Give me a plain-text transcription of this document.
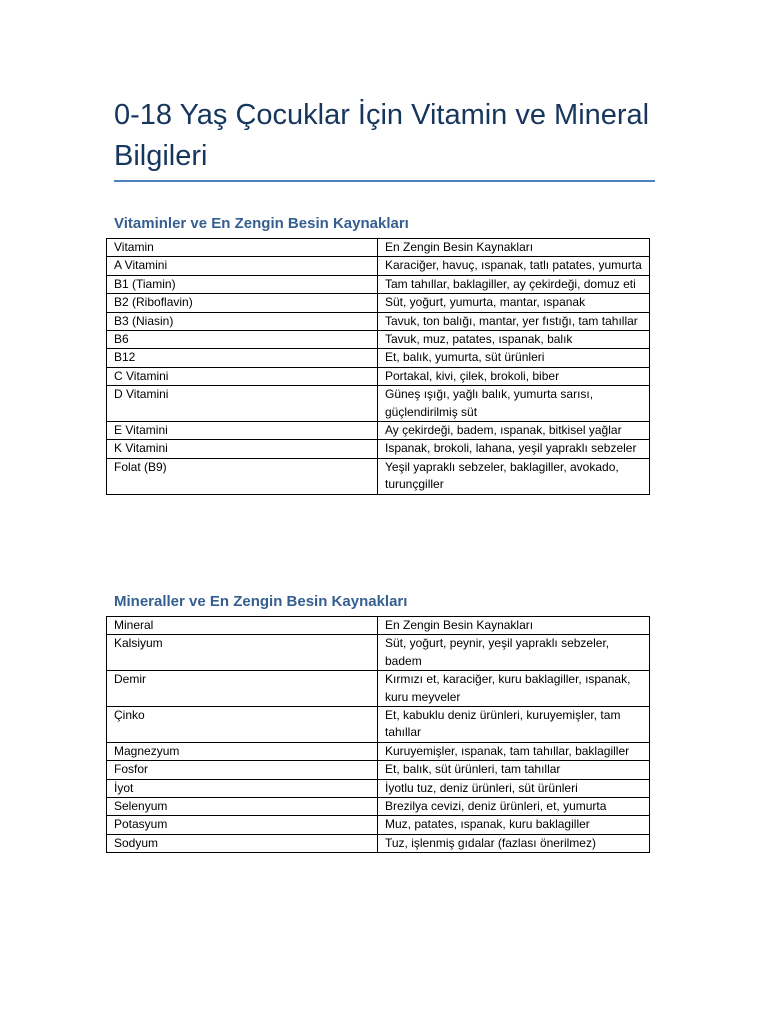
0-18 Yaş Çocuklar İçin Vitamin ve Mineral Bilgileri
Vitaminler ve En Zengin Besin Kaynakları
Vitamin	En Zengin Besin Kaynakları
A Vitamini	Karaciğer, havuç, ıspanak, tatlı patates, yumurta
B1 (Tiamin)	Tam tahıllar, baklagiller, ay çekirdeği, domuz eti
B2 (Riboflavin)	Süt, yoğurt, yumurta, mantar, ıspanak
B3 (Niasin)	Tavuk, ton balığı, mantar, yer fıstığı, tam tahıllar
B6	Tavuk, muz, patates, ıspanak, balık
B12	Et, balık, yumurta, süt ürünleri
C Vitamini	Portakal, kivi, çilek, brokoli, biber
D Vitamini	Güneş ışığı, yağlı balık, yumurta sarısı, güçlendirilmiş süt
E Vitamini	Ay çekirdeği, badem, ıspanak, bitkisel yağlar
K Vitamini	Ispanak, brokoli, lahana, yeşil yapraklı sebzeler
Folat (B9)	Yeşil yapraklı sebzeler, baklagiller, avokado, turunçgiller
Mineraller ve En Zengin Besin Kaynakları
Mineral	En Zengin Besin Kaynakları
Kalsiyum	Süt, yoğurt, peynir, yeşil yapraklı sebzeler, badem
Demir	Kırmızı et, karaciğer, kuru baklagiller, ıspanak, kuru meyveler
Çinko	Et, kabuklu deniz ürünleri, kuruyemişler, tam tahıllar
Magnezyum	Kuruyemişler, ıspanak, tam tahıllar, baklagiller
Fosfor	Et, balık, süt ürünleri, tam tahıllar
İyot	İyotlu tuz, deniz ürünleri, süt ürünleri
Selenyum	Brezilya cevizi, deniz ürünleri, et, yumurta
Potasyum	Muz, patates, ıspanak, kuru baklagiller
Sodyum	Tuz, işlenmiş gıdalar (fazlası önerilmez)
